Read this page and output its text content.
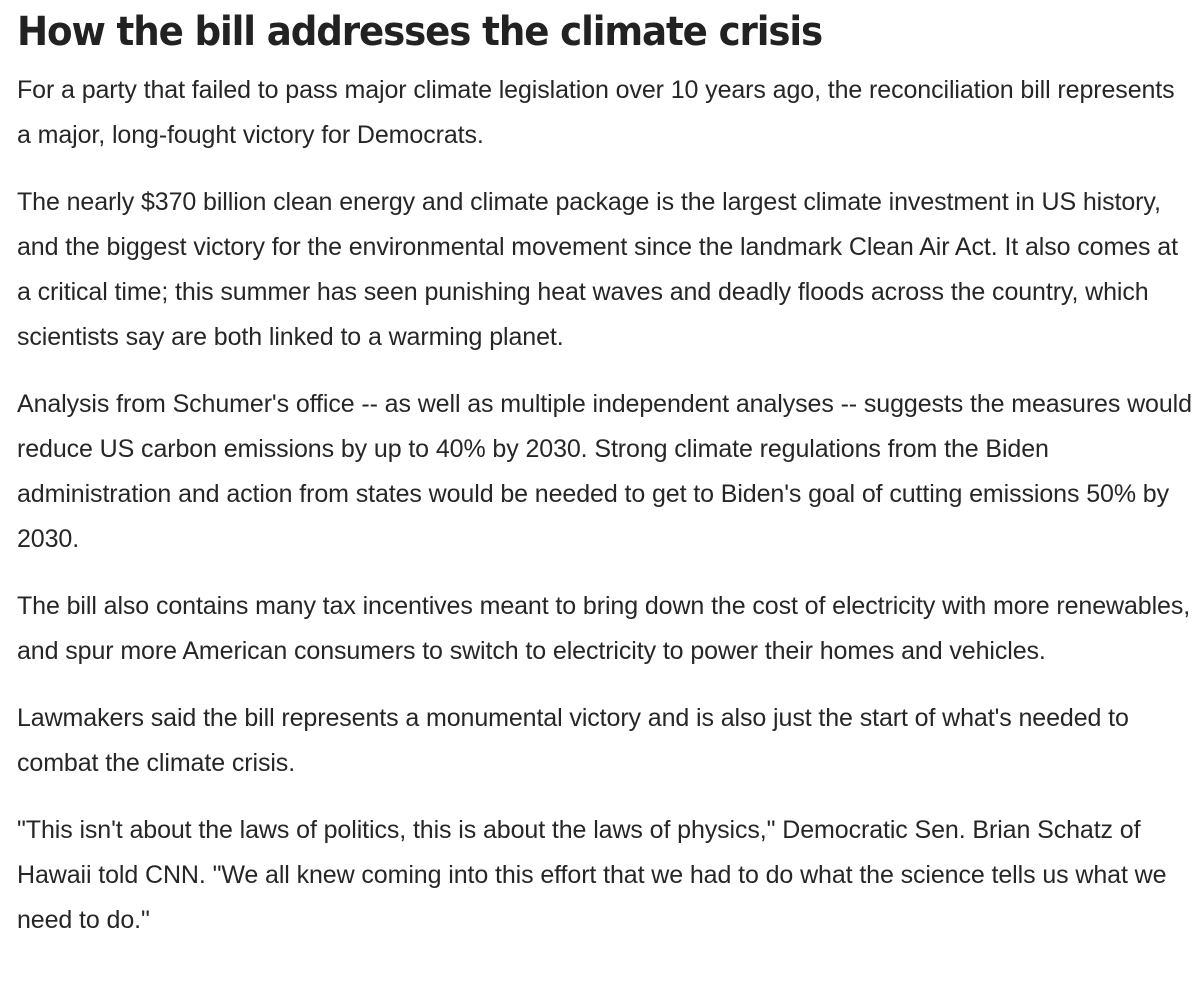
How the bill addresses the climate crisis

For a party that failed to pass major climate legislation over 10 years ago, the reconciliation bill represents a major, long-fought victory for Democrats.

The nearly $370 billion clean energy and climate package is the largest climate investment in US history, and the biggest victory for the environmental movement since the landmark Clean Air Act. It also comes at a critical time; this summer has seen punishing heat waves and deadly floods across the country, which scientists say are both linked to a warming planet.

Analysis from Schumer's office -- as well as multiple independent analyses -- suggests the measures would reduce US carbon emissions by up to 40% by 2030. Strong climate regulations from the Biden administration and action from states would be needed to get to Biden's goal of cutting emissions 50% by 2030.

The bill also contains many tax incentives meant to bring down the cost of electricity with more renewables, and spur more American consumers to switch to electricity to power their homes and vehicles.

Lawmakers said the bill represents a monumental victory and is also just the start of what's needed to combat the climate crisis.

"This isn't about the laws of politics, this is about the laws of physics," Democratic Sen. Brian Schatz of Hawaii told CNN. "We all knew coming into this effort that we had to do what the science tells us what we need to do."
